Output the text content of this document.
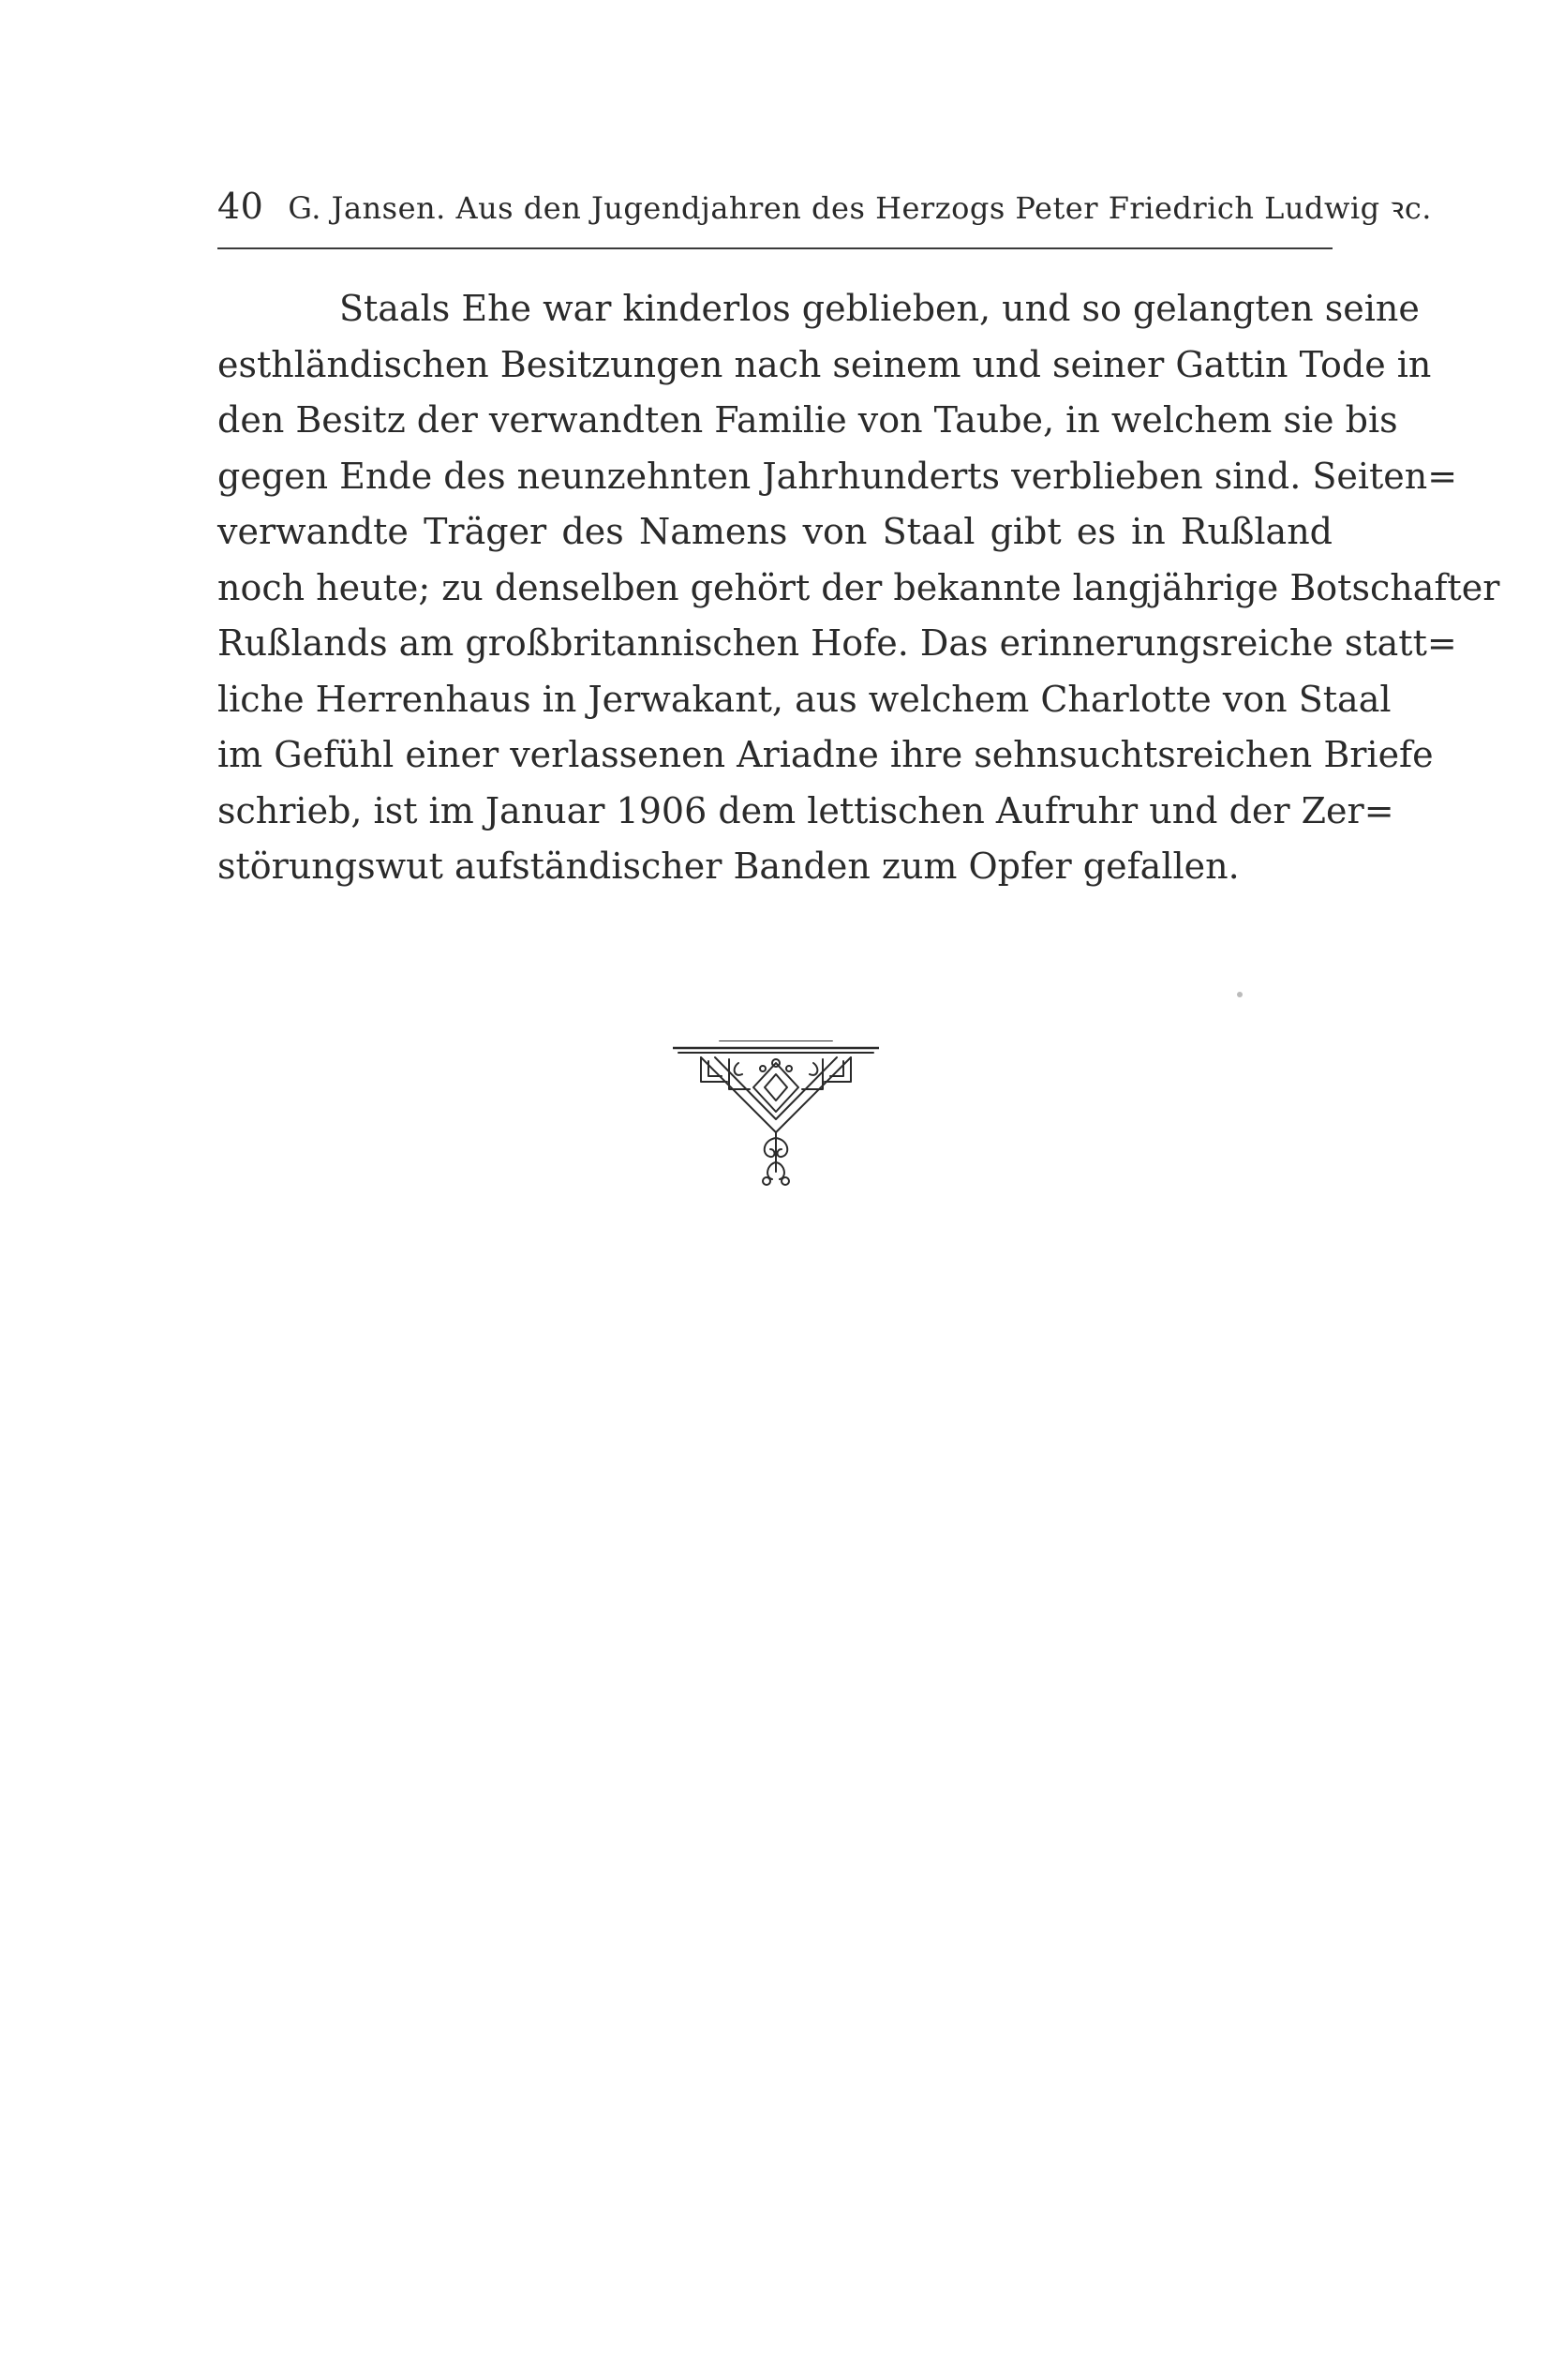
40 G. Jansen. Aus den Jugendjahren des Herzogs Peter Friedrich Ludwig ꝛc.
Staals Ehe war kinderlos geblieben, und so gelangten seine
esthländischen Besitzungen nach seinem und seiner Gattin Tode in
den Besitz der verwandten Familie von Taube, in welchem sie bis
gegen Ende des neunzehnten Jahrhunderts verblieben sind. Seiten=
verwandte Träger des Namens von Staal gibt es in Rußland
noch heute; zu denselben gehört der bekannte langjährige Botschafter
Rußlands am großbritannischen Hofe. Das erinnerungsreiche statt=
liche Herrenhaus in Jerwakant, aus welchem Charlotte von Staal
im Gefühl einer verlassenen Ariadne ihre sehnsuchtsreichen Briefe
schrieb, ist im Januar 1906 dem lettischen Aufruhr und der Zer=
störungswut aufständischer Banden zum Opfer gefallen.
